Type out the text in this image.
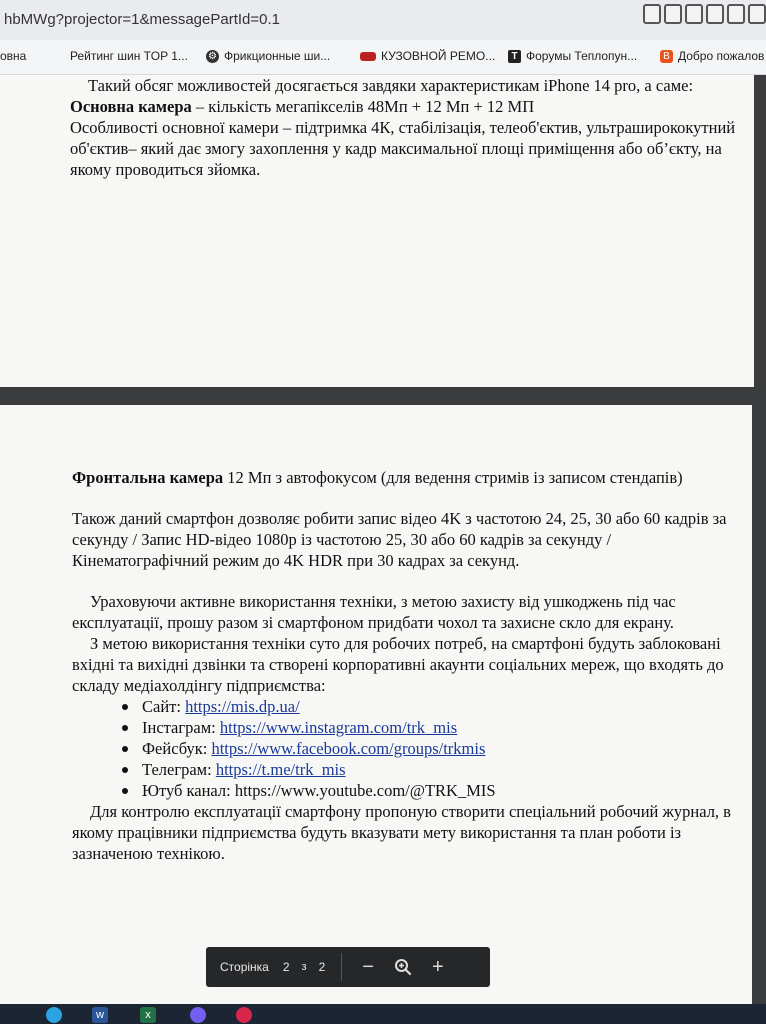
hbMWg?projector=1&messagePartId=0.1
овна	Рейтинг шин TOP 1... ⚙ Фрикционные ши...	КУЗОВНОЙ РЕМО...	T Форумы Теплопун...	B Добро пожалов

Такий обсяг можливостей досягається завдяки характеристикам iPhone 14 pro, а саме:

Основна камера – кількість мегапікселів 48Мп + 12 Мп + 12 МП

Особливості основної камери – підтримка 4К, стабілізація, телеоб'єктив, ультраширококутний об'єктив– який дає змогу захоплення у кадр максимальної площі приміщення або об’єкту, на якому проводиться зйомка.

Фронтальна камера 12 Мп з автофокусом (для ведення стримів із записом стендапів)

Також даний смартфон дозволяє робити запис відео 4K з частотою 24, 25, 30 або 60 кадрів за секунду / Запис HD-відео 1080p із частотою 25, 30 або 60 кадрів за секунду / Кінематографічний режим до 4K HDR при 30 кадрах за секунд.

Ураховуючи активне використання техніки, з метою захисту від ушкоджень під час експлуатації, прошу разом зі смартфоном придбати чохол та захисне скло для екрану.

З метою використання техніки суто для робочих потреб, на смартфоні будуть заблоковані вхідні та вихідні дзвінки та створені корпоративні акаунти соціальних мереж, що входять до складу медіахолдінгу підприємства:

Сайт: https://mis.dp.ua/
Інстаграм: https://www.instagram.com/trk_mis
Фейсбук: https://www.facebook.com/groups/trkmis
Телеграм: https://t.me/trk_mis
Ютуб канал: https://www.youtube.com/@TRK_MIS

Для контролю експлуатації смартфону пропоную створити спеціальний робочий журнал, в якому працівники підприємства будуть вказувати мету використання та план роботи із зазначеною технікою.

Сторінка 2 з 2 −	+
w	x
